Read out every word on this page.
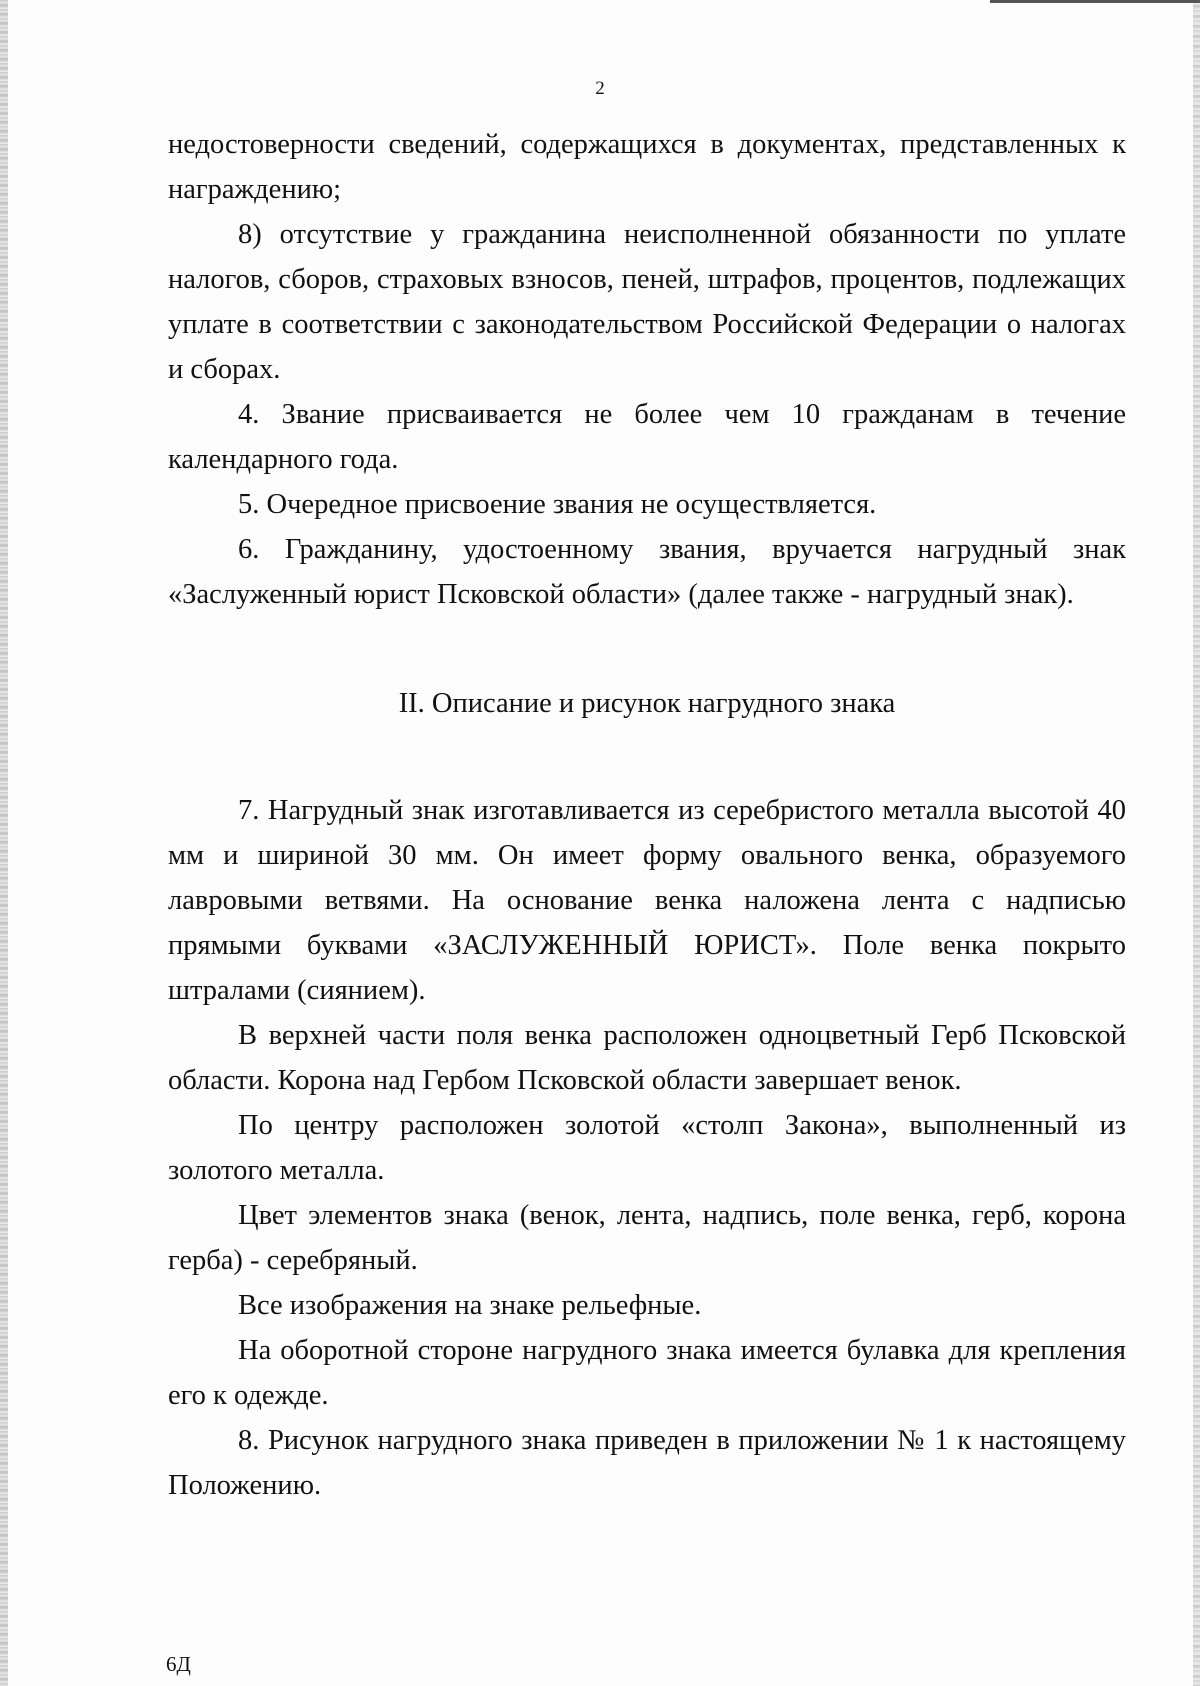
2

недостоверности сведений, содержащихся в документах, представленных к награждению;

8) отсутствие у гражданина неисполненной обязанности по уплате налогов, сборов, страховых взносов, пеней, штрафов, процентов, подлежащих уплате в соответствии с законодательством Российской Федерации о налогах и сборах.

4. Звание присваивается не более чем 10 гражданам в течение календарного года.

5. Очередное присвоение звания не осуществляется.

6. Гражданину, удостоенному звания, вручается нагрудный знак «Заслуженный юрист Псковской области» (далее также - нагрудный знак).

II. Описание и рисунок нагрудного знака

7. Нагрудный знак изготавливается из серебристого металла высотой 40 мм и шириной 30 мм. Он имеет форму овального венка, образуемого лавровыми ветвями. На основание венка наложена лента с надписью прямыми буквами «ЗАСЛУЖЕННЫЙ ЮРИСТ». Поле венка покрыто штралами (сиянием).

В верхней части поля венка расположен одноцветный Герб Псковской области. Корона над Гербом Псковской области завершает венок.

По центру расположен золотой «столп Закона», выполненный из золотого металла.

Цвет элементов знака (венок, лента, надпись, поле венка, герб, корона герба) - серебряный.

Все изображения на знаке рельефные.

На оборотной стороне нагрудного знака имеется булавка для крепления его к одежде.

8. Рисунок нагрудного знака приведен в приложении № 1 к настоящему Положению.

6Д
